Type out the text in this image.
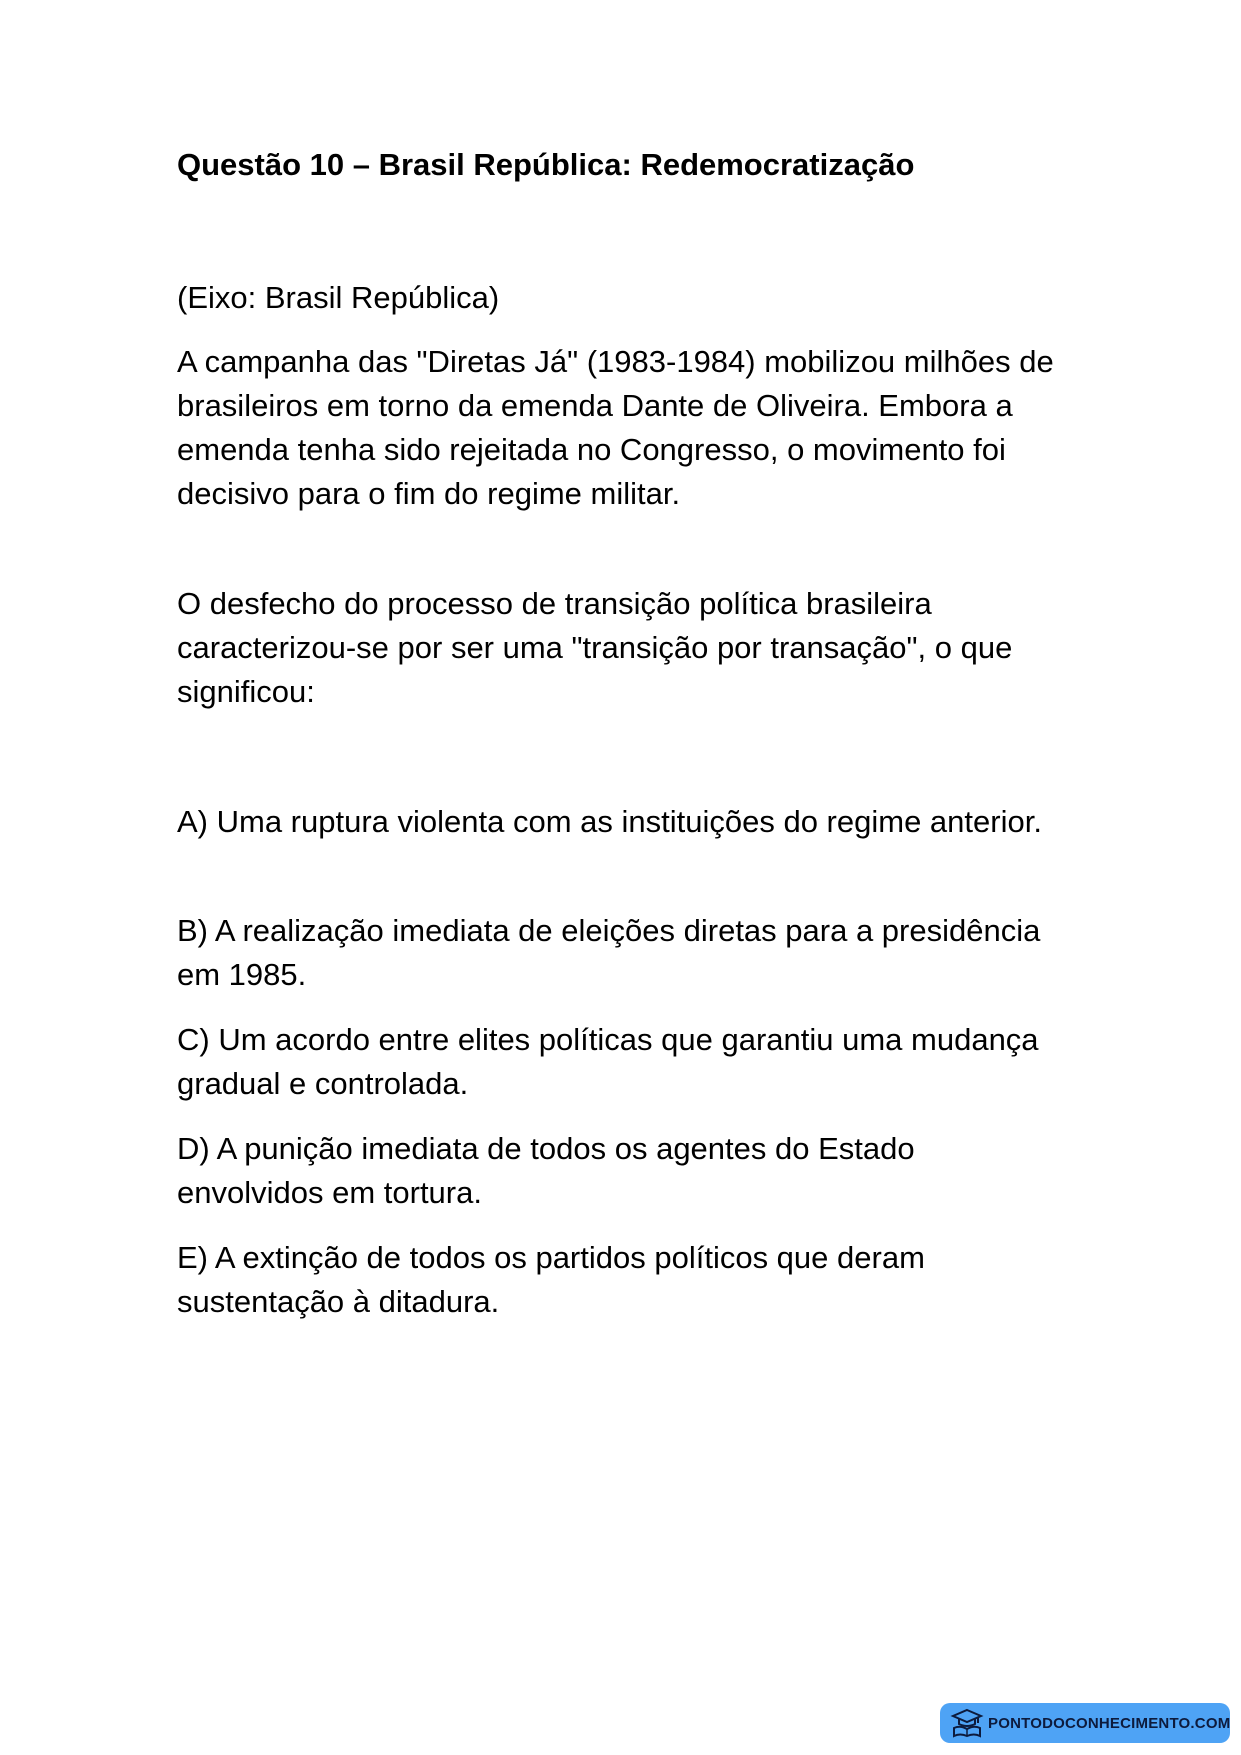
Questão 10 – Brasil República: Redemocratização

(Eixo: Brasil República)

A campanha das "Diretas Já" (1983-1984) mobilizou milhões de brasileiros em torno da emenda Dante de Oliveira. Embora a emenda tenha sido rejeitada no Congresso, o movimento foi decisivo para o fim do regime militar.

O desfecho do processo de transição política brasileira caracterizou-se por ser uma "transição por transação", o que significou:

A) Uma ruptura violenta com as instituições do regime anterior.

B) A realização imediata de eleições diretas para a presidência em 1985.

C) Um acordo entre elites políticas que garantiu uma mudança gradual e controlada.

D) A punição imediata de todos os agentes do Estado envolvidos em tortura.

E) A extinção de todos os partidos políticos que deram sustentação à ditadura.

PONTODOCONHECIMENTO.COM
